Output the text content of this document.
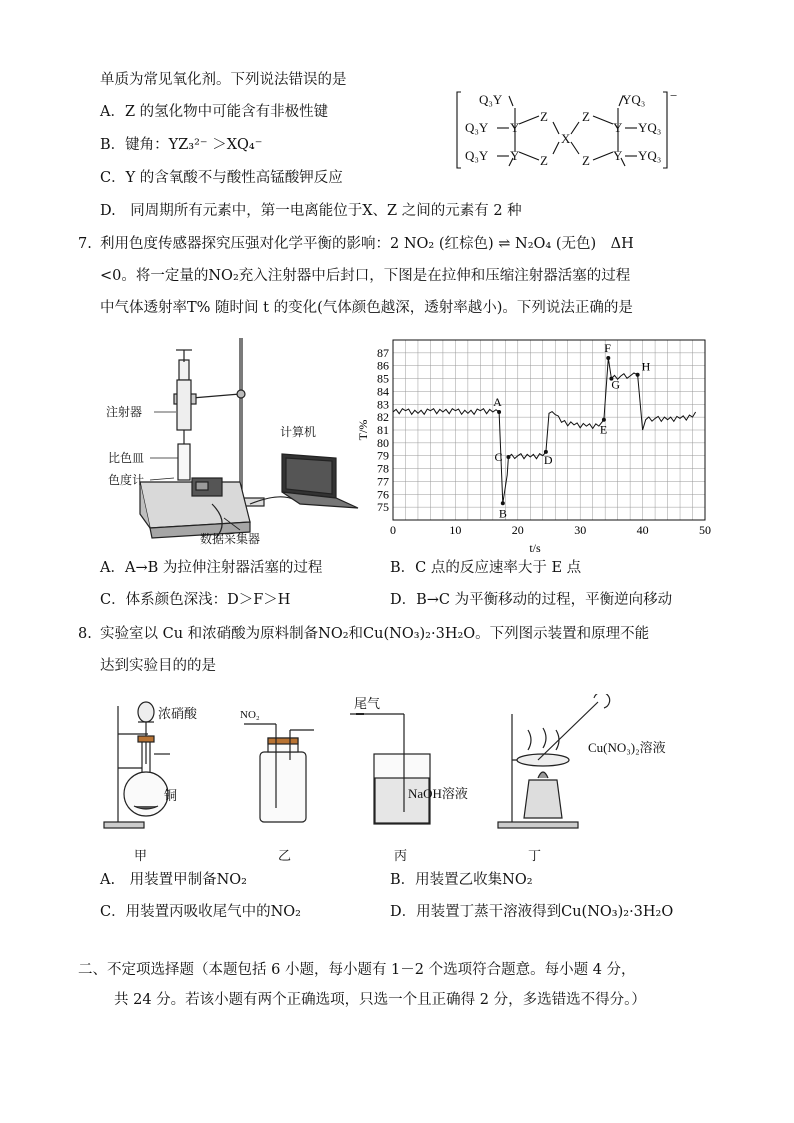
单质为常见氧化剂。下列说法错误的是
A．Z 的氢化物中可能含有非极性键
B．键角：YZ₃²⁻ ＞XQ₄⁻
C．Y 的含氧酸不与酸性高锰酸钾反应
D.　同周期所有元素中，第一电离能位于X、Z 之间的元素有 2 种
Q₃Y
Q₃Y
Q₃Y
Y
Y
Z
Z
X
Z
Z
Y
Y
YQ₃
YQ₃
YQ₃
−
7. 利用色度传感器探究压强对化学平衡的影响：2 NO₂ (红棕色) ⇌ N₂O₄ (无色)　ΔH
<0。将一定量的NO₂充入注射器中后封口，下图是在拉伸和压缩注射器活塞的过程
中气体透射率T% 随时间 t 的变化(气体颜色越深，透射率越小)。下列说法正确的是
注射器
比色皿
色度计
数据采集器
计算机
0	10	20	30	40	50
75
76
77
78
79
80
81
82
83
84
85
86
87
A
B
C	D
E
F
G
H
t/s
T/%
A．A→B 为拉伸注射器活塞的过程	B．C 点的反应速率大于 E 点
C．体系颜色深浅：D＞F＞H	D．B→C 为平衡移动的过程，平衡逆向移动
8. 实验室以 Cu 和浓硝酸为原料制备NO₂和Cu(NO₃)₂·3H₂O。下列图示装置和原理不能
达到实验目的的是
浓硝酸
铜
NO₂
尾气
NaOH溶液
Cu(NO₃)₂溶液
甲	乙	丙	丁
A.　用装置甲制备NO₂	B．用装置乙收集NO₂
C．用装置丙吸收尾气中的NO₂	D．用装置丁蒸干溶液得到Cu(NO₃)₂·3H₂O
二、不定项选择题（本题包括 6 小题，每小题有 1－2 个选项符合题意。每小题 4 分，
共 24 分。若该小题有两个正确选项，只选一个且正确得 2 分，多选错选不得分。）
